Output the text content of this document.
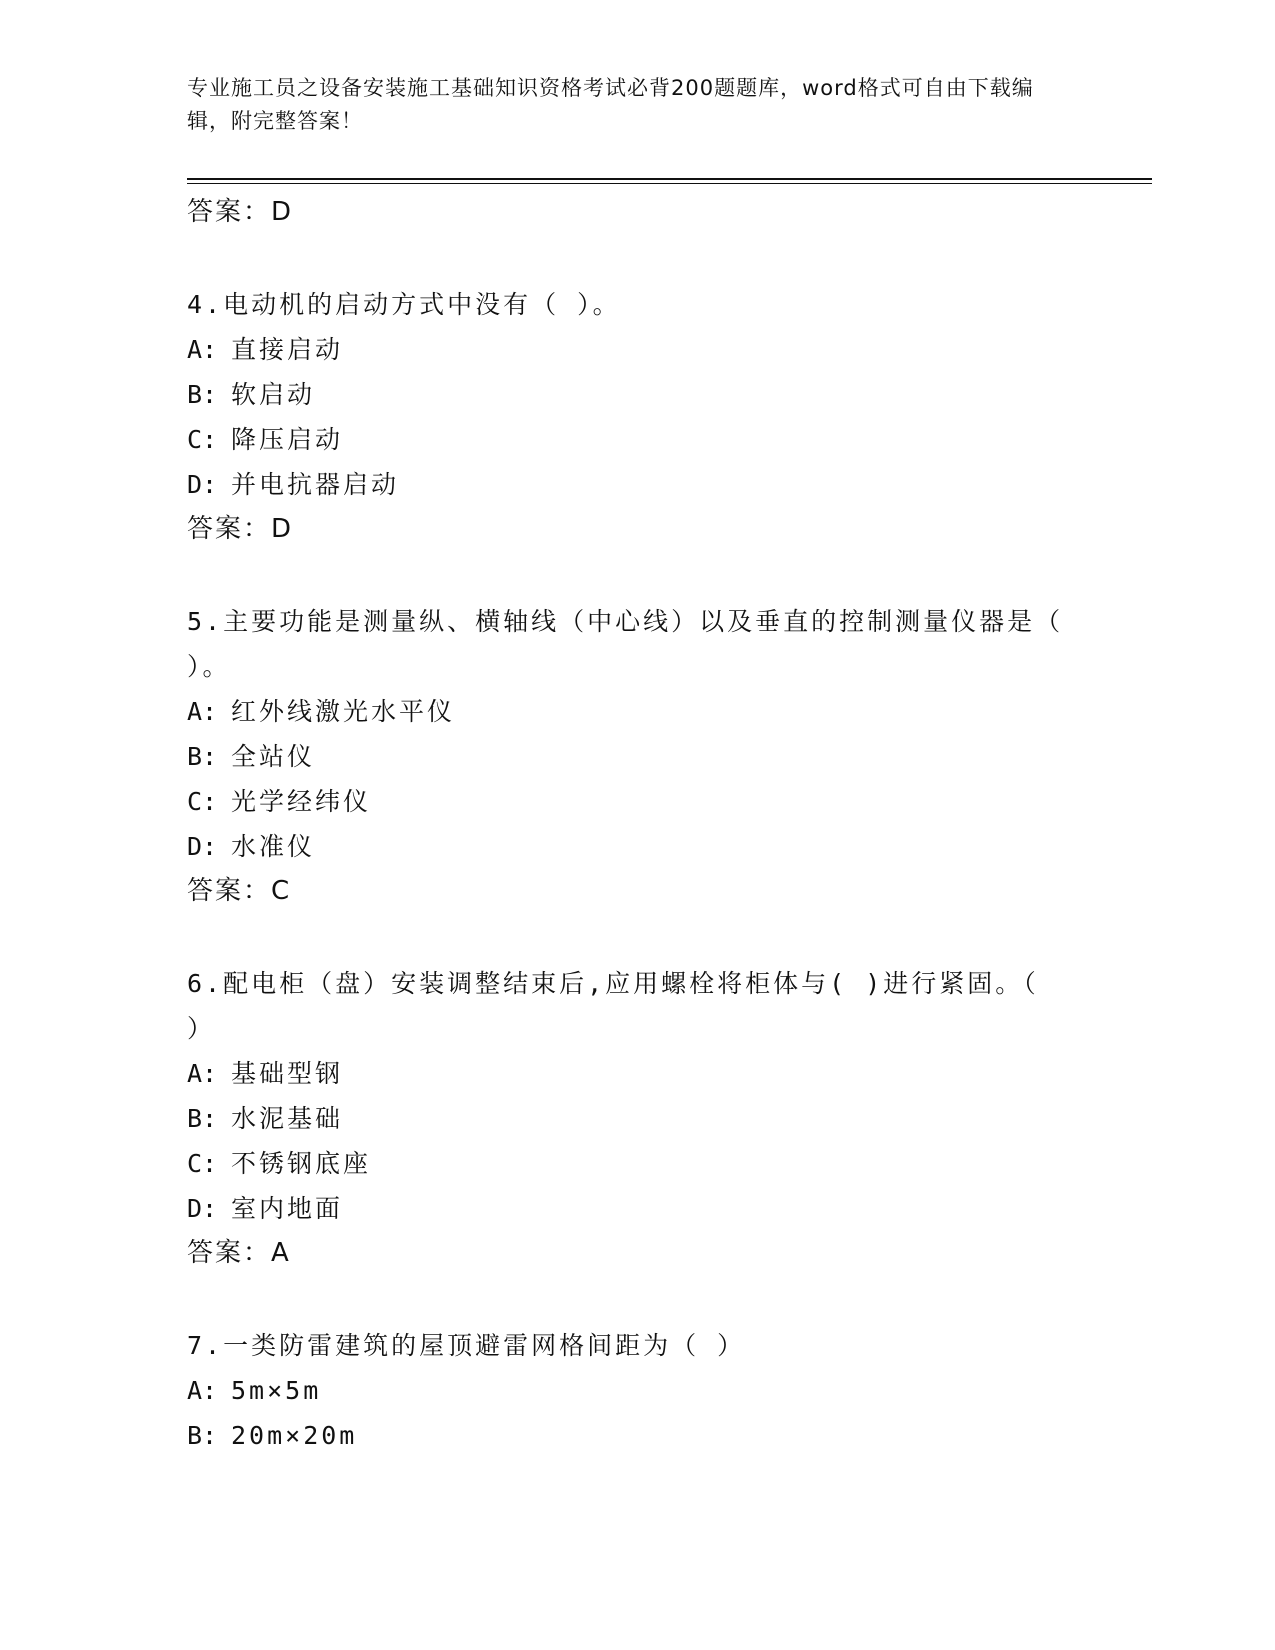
专业施工员之设备安装施工基础知识资格考试必背200题题库，word格式可自由下载编辑，附完整答案！
答案：D
4.电动机的启动方式中没有（ ）。
A: 直接启动
B: 软启动
C: 降压启动
D: 并电抗器启动
答案：D
5.主要功能是测量纵、横轴线（中心线）以及垂直的控制测量仪器是（ ）。
A: 红外线激光水平仪
B: 全站仪
C: 光学经纬仪
D: 水准仪
答案：C
6.配电柜（盘）安装调整结束后,应用螺栓将柜体与( )进行紧固。（ ）
A: 基础型钢
B: 水泥基础
C: 不锈钢底座
D: 室内地面
答案：A
7.一类防雷建筑的屋顶避雷网格间距为（ ）
A: 5m×5m
B: 20m×20m
